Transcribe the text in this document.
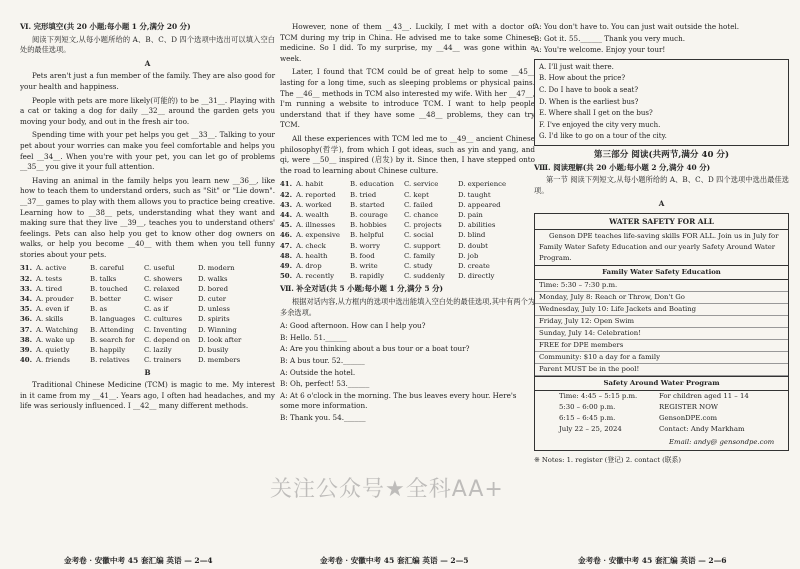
Ⅵ. 完形填空(共 20 小题;每小题 1 分,满分 20 分)

阅读下列短文,从每小题所给的 A、B、C、D 四个选项中选出可以填入空白处的最佳选项。

A

Pets aren't just a fun member of the family. They are also good for your health and happiness.

People with pets are more likely(可能的) to be __31__. Playing with a cat or taking a dog for daily __32__ around the garden gets you moving your body, and out in the fresh air too.

Spending time with your pet helps you get __33__. Talking to your pet about your worries can make you feel comfortable and helps you feel __34__. When you're with your pet, you can let go of problems __35__ you give it your full attention.

Having an animal in the family helps you learn new __36__, like how to teach them to understand orders, such as "Sit" or "Lie down". __37__ games to play with them allows you to practice being creative. Learning how to __38__ pets, understanding what they want and making sure that they live __39__, teaches you to understand others' feelings. Pets can also help you get to know other dog owners on walks, or help you become __40__ with them when you tell funny stories about your pets.

31. A. active	B. careful	C. useful	D. modern
32. A. tests	B. talks	C. showers	D. walks
33. A. tired	B. touched	C. relaxed	D. bored
34. A. prouder	B. better	C. wiser	D. cuter
35. A. even if	B. as	C. as if	D. unless
36. A. skills	B. languages	C. cultures	D. spirits
37. A. Watching	B. Attending	C. Inventing	D. Winning
38. A. wake up	B. search for	C. depend on	D. look after
39. A. quietly	B. happily	C. lazily	D. busily
40. A. friends	B. relatives	C. trainers	D. members
B

Traditional Chinese Medicine (TCM) is magic to me. My interest in it came from my __41__. Years ago, I often had headaches, and my life was seriously influenced. I __42__ many different methods.

However, none of them __43__. Luckily, I met with a doctor of TCM during my trip in China. He advised me to take some Chinese medicine. So I did. To my surprise, my __44__ was gone within a week.

Later, I found that TCM could be of great help to some __45__ lasting for a long time, such as sleeping problems or physical pains. The __46__ methods in TCM also interested my wife. With her __47__, I'm running a website to introduce TCM. I want to help people understand that if they have some __48__ problems, they can try TCM.

All these experiences with TCM led me to __49__ ancient Chinese philosophy(哲学), from which I got ideas, such as yin and yang, and qi, were __50__ inspired (启发) by it. Since then, I have stepped onto the road to learning about Chinese culture.

41. A. habit	B. education	C. service	D. experience
42. A. reported	B. tried	C. kept	D. taught
43. A. worked	B. started	C. failed	D. appeared
44. A. wealth	B. courage	C. chance	D. pain
45. A. illnesses	B. hobbies	C. projects	D. abilities
46. A. expensive	B. helpful	C. social	D. blind
47. A. check	B. worry	C. support	D. doubt
48. A. health	B. food	C. family	D. job
49. A. drop	B. write	C. study	D. create
50. A. recently	B. rapidly	C. suddenly	D. directly
Ⅶ. 补全对话(共 5 小题;每小题 1 分,满分 5 分)

根据对话内容,从方框内的选项中选出能填入空白处的最佳选项,其中有两个为多余选项。

A: Good afternoon. How can I help you?
B: Hello. 51.______
A: Are you thinking about a bus tour or a boat tour?
B: A bus tour. 52.______
A: Outside the hotel.
B: Oh, perfect! 53.______
A: At 6 o'clock in the morning. The bus leaves every hour. Here's some more information.
B: Thank you. 54.______
A: You don't have to. You can just wait outside the hotel.
B: Got it. 55.______ Thank you very much.
A: You're welcome. Enjoy your tour!
A. I'll just wait there.
B. How about the price?
C. Do I have to book a seat?
D. When is the earliest bus?
E. Where shall I get on the bus?
F. I've enjoyed the city very much.
G. I'd like to go on a tour of the city.
第三部分 阅读(共两节,满分 40 分)
Ⅷ. 阅读理解(共 20 小题;每小题 2 分,满分 40 分)

第一节 阅读下列短文,从每小题所给的 A、B、C、D 四个选项中选出最佳选项。

A
WATER SAFETY FOR ALL
Genson DPE teaches life-saving skills FOR ALL. Join us in July for Family Water Safety Education and our yearly Safety Around Water Program.
Family Water Safety Education
Time: 5:30 – 7:30 p.m.
Monday, July 8: Reach or Throw, Don't Go
Wednesday, July 10: Life Jackets and Boating
Friday, July 12: Open Swim
Sunday, July 14: Celebration!
FREE for DPE members
Community: $10 a day for a family
Parent MUST be in the pool!
Safety Around Water Program
Time: 4:45 – 5:15 p.m.	For children aged 11 – 14
5:30 – 6:00 p.m.	REGISTER NOW
6:15 – 6:45 p.m.	GensonDPE.com
July 22 – 25, 2024	Contact: Andy Markham
Email: andy@ gensondpe.com
※ Notes: 1. register (登记) 2. contact (联系)
金考卷 · 安徽中考 45 套汇编 英语 — 2—4	金考卷 · 安徽中考 45 套汇编 英语 — 2—5	金考卷 · 安徽中考 45 套汇编 英语 — 2—6
关注公众号★全科AA+
